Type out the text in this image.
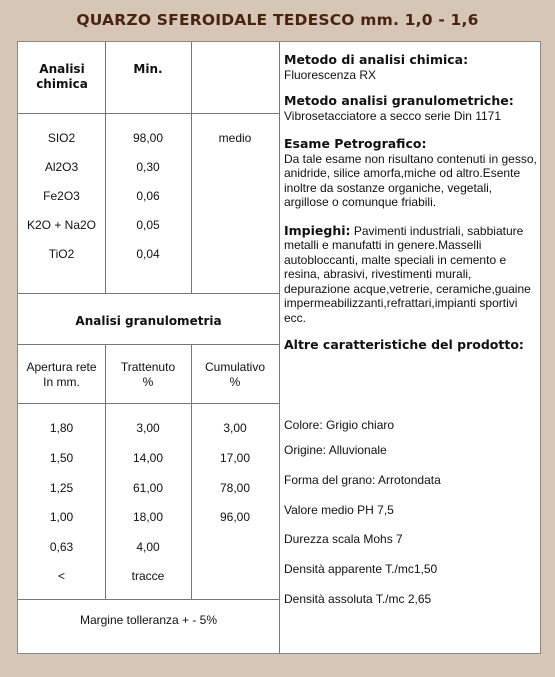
QUARZO SFEROIDALE TEDESCO mm. 1,0 - 1,6
Analisi chimica
Min.
SIO2	98,00	medio
Al2O3	0,30
Fe2O3	0,06
K2O + Na2O	0,05
TiO2	0,04
Analisi granulometria
Apertura rete In mm.
Trattenuto %
Cumulativo %
1,80	3,00	3,00
1,50	14,00	17,00
1,25	61,00	78,00
1,00	18,00	96,00
0,63	4,00
<	tracce
Margine tolleranza + - 5%
Metodo di analisi chimica:

Fluorescenza RX

Metodo analisi granulometriche:

Vibrosetacciatore a secco serie Din 1171

Esame Petrografico:

Da tale esame non risultano contenuti in gesso, anidride, silice amorfa,miche od altro.Esente inoltre da sostanze organiche, vegetali, argillose o comunque friabili.

Impieghi: Pavimenti industriali, sabbiature metalli e manufatti in genere.Masselli autobloccanti, malte speciali in cemento e resina, abrasivi, rivestimenti murali, depurazione acque,vetrerie, ceramiche,guaine impermeabilizzanti,refrattari,impianti sportivi ecc.

Altre caratteristiche del prodotto:
Colore: Grigio chiaro
Origine: Alluvionale
Forma del grano: Arrotondata
Valore medio PH 7,5
Durezza scala Mohs 7
Densità apparente T./mc1,50
Densità assoluta T./mc 2,65
